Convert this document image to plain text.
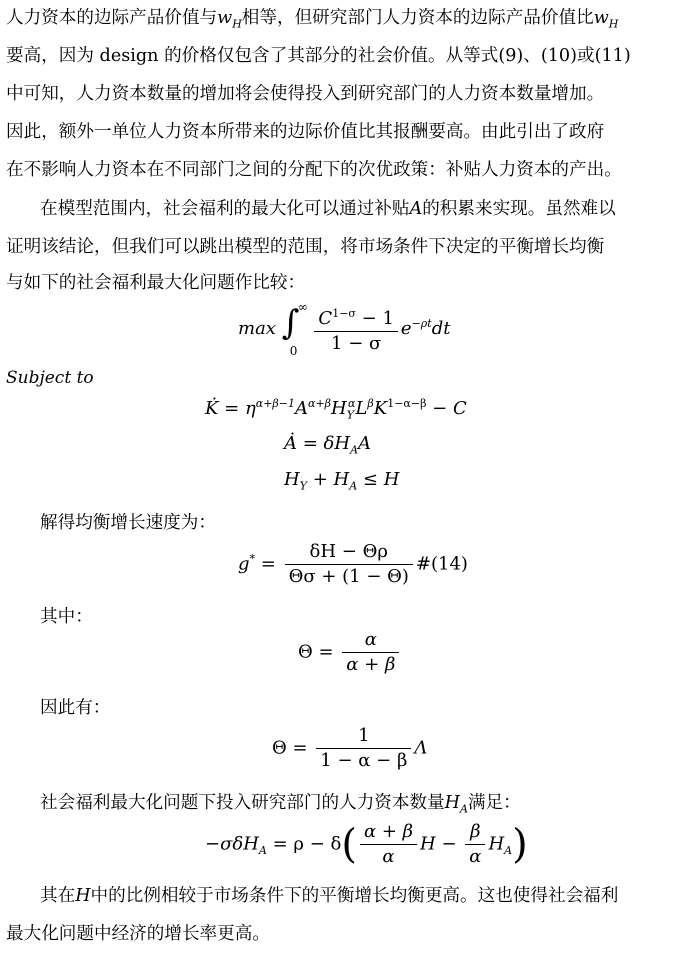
人力资本的边际产品价值与$w_H$相等，但研究部门人力资本的边际产品价值比$w_H$
要高，因为 design 的价格仅包含了其部分的社会价值。从等式(9)、(10)或(11)
中可知，人力资本数量的增加将会使得投入到研究部门的人力资本数量增加。
因此，额外一单位人力资本所带来的边际价值比其报酬要高。由此引出了政府
在不影响人力资本在不同部门之间的分配下的次优政策：补贴人力资本的产出。
在模型范围内，社会福利的最大化可以通过补贴A的积累来实现。虽然难以
证明该结论，但我们可以跳出模型的范围，将市场条件下决定的平衡增长均衡
与如下的社会福利最大化问题作比较：
max ∫
∞
0
$\frac{C^{1-\sigma} - 1}{1 - \sigma} e^{-\rho t}dt$
Subject to
K̇ = $\eta^{\alpha+\beta-1}A^{\alpha+\beta}H_Y^\alpha L^\beta K^{1-\alpha-\beta} - C$
Ȧ = $\delta H_AA$
$H_Y + H_A \le H$
解得均衡增长速度为：
$g^* = \frac{\delta H - \Theta\rho}{\Theta\sigma + (1 - \Theta)}$ #(14)
其中：
$\Theta = \frac{\alpha}{\alpha + \beta}$
因此有：
$\Theta = \frac{1}{1 - \alpha - \beta}$ Λ
社会福利最大化问题下投入研究部门的人力资本数量$H_A$满足：
$-\sigma\delta H_A = \rho - \delta( \frac{\alpha + \beta}{\alpha}$ $H - \frac{\beta}{\alpha} H_A$)
其在H中的比例相较于市场条件下的平衡增长均衡更高。这也使得社会福利
最大化问题中经济的增长率更高。
